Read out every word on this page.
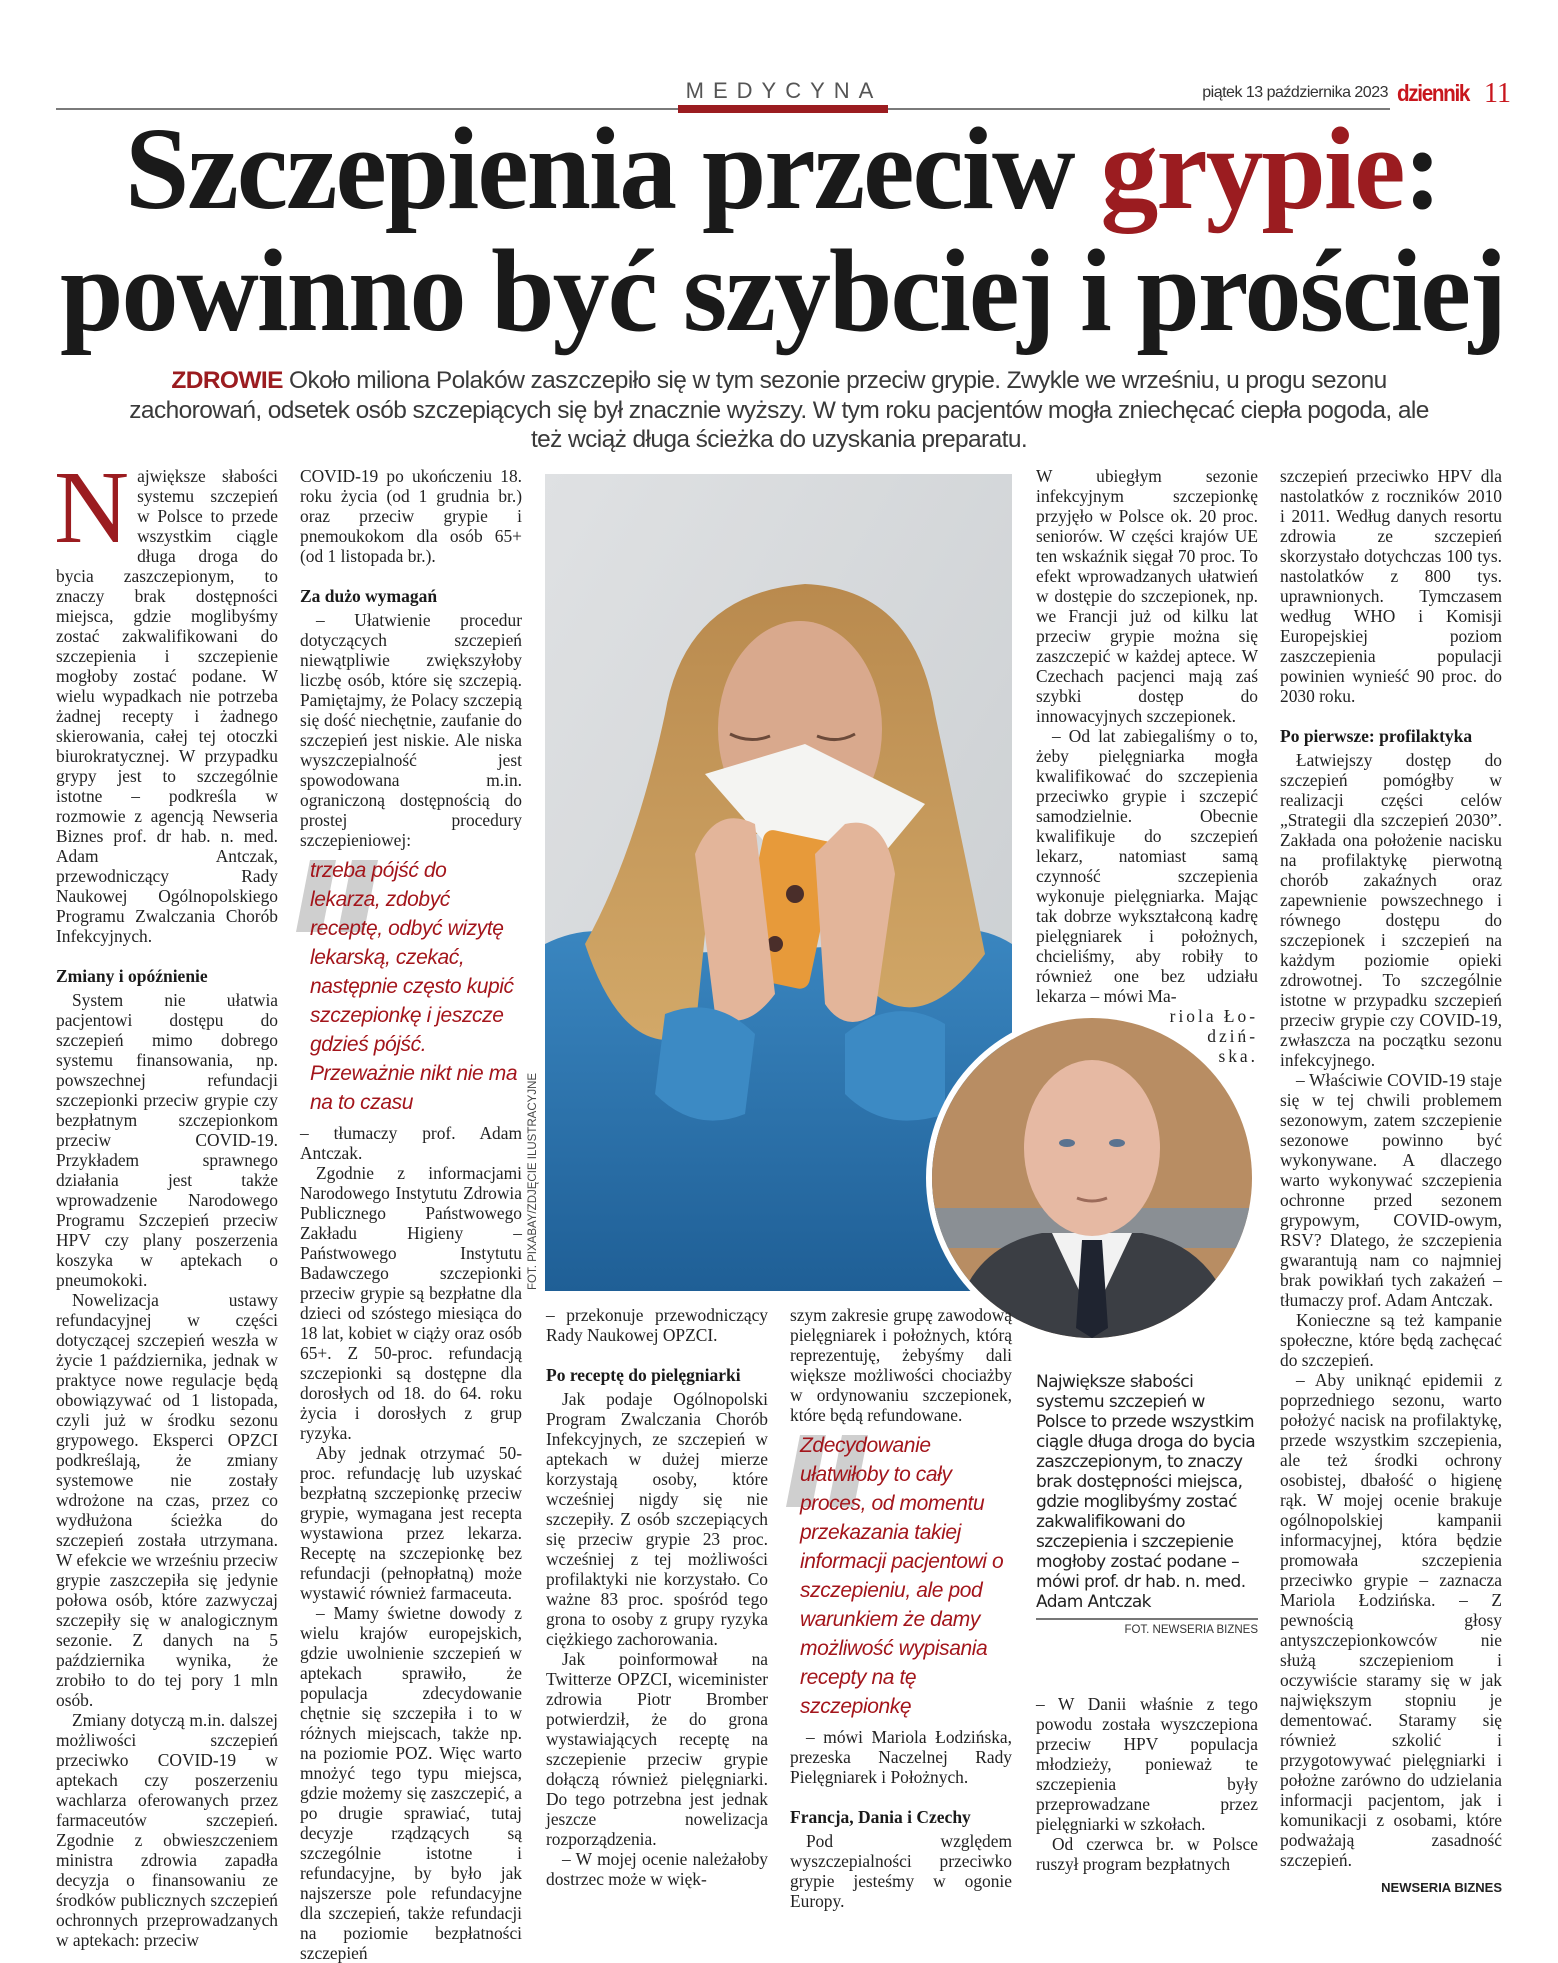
MEDYCYNA	piątek 13 października 2023 dziennik 11
Szczepienia przeciw grypie:
powinno być szybciej i prościej
ZDROWIE Około miliona Polaków zaszczepiło się w tym sezonie przeciw grypie. Zwykle we wrześniu, u progu sezonu
zachorowań, odsetek osób szczepiących się był znacznie wyższy. W tym roku pacjentów mogła zniechęcać ciepła pogoda, ale
też wciąż długa ścieżka do uzyskania preparatu.
FOT. PIXABAY/ZDJĘCIE ILUSTRACYJNE

Największe słabości systemu szczepień w Polsce to przede wszystkim ciągle długa droga do bycia zaszczepionym, to znaczy brak dostępności miejsca, gdzie moglibyśmy zostać zakwalifikowani do szczepienia i szczepienie mogłoby zostać podane. W wielu wypadkach nie potrzeba żadnej recepty i żadnego skierowania, całej tej otoczki biurokratycznej. W przypadku grypy jest to szczególnie istotne – podkreśla w rozmowie z agencją Newseria Biznes prof. dr hab. n. med. Adam Antczak, przewodniczący Rady Naukowej Ogólnopolskiego Programu Zwalczania Chorób Infekcyjnych.

Zmiany i opóźnienie

System nie ułatwia pacjentowi dostępu do szczepień mimo dobrego systemu finansowania, np. powszechnej refundacji szczepionki przeciw grypie czy bezpłatnym szczepionkom przeciw COVID-19. Przykładem sprawnego działania jest także wprowadzenie Narodowego Programu Szczepień przeciw HPV czy plany poszerzenia koszyka w aptekach o pneumokoki.

Nowelizacja ustawy refundacyjnej w części dotyczącej szczepień weszła w życie 1 października, jednak w praktyce nowe regulacje będą obowiązywać od 1 listopada, czyli już w środku sezonu grypowego. Eksperci OPZCI podkreślają, że zmiany systemowe nie zostały wdrożone na czas, przez co wydłużona ścieżka do szczepień została utrzymana. W efekcie we wrześniu przeciw grypie zaszczepiła się jedynie połowa osób, które zazwyczaj szczepiły się w analogicznym sezonie. Z danych na 5 października wynika, że zrobiło to do tej pory 1 mln osób.

Zmiany dotyczą m.in. dalszej możliwości szczepień przeciwko COVID-19 w aptekach czy poszerzeniu wachlarza oferowanych przez farmaceutów szczepień. Zgodnie z obwieszczeniem ministra zdrowia zapadła decyzja o finansowaniu ze środków publicznych szczepień ochronnych przeprowadzanych w aptekach: przeciw

COVID-19 po ukończeniu 18. roku życia (od 1 grudnia br.) oraz przeciw grypie i pnemoukokom dla osób 65+ (od 1 listopada br.).

Za dużo wymagań

– Ułatwienie procedur dotyczących szczepień niewątpliwie zwiększyłoby liczbę osób, które się szczepią. Pamiętajmy, że Polacy szczepią się dość niechętnie, zaufanie do szczepień jest niskie. Ale niska wyszczepialność jest spowodowana m.in. ograniczoną dostępnością do prostej procedury szczepieniowej:

trzeba pójść do lekarza, zdobyć receptę, odbyć wizytę lekarską, czekać, następnie często kupić szczepionkę i jeszcze gdzieś pójść. Przeważnie nikt nie ma na to czasu

– tłumaczy prof. Adam Antczak.

Zgodnie z informacjami Narodowego Instytutu Zdrowia Publicznego Państwowego Zakładu Higieny – Państwowego Instytutu Badawczego szczepionki przeciw grypie są bezpłatne dla dzieci od szóstego miesiąca do 18 lat, kobiet w ciąży oraz osób 65+. Z 50-proc. refundacją szczepionki są dostępne dla dorosłych od 18. do 64. roku życia i dorosłych z grup ryzyka.

Aby jednak otrzymać 50-proc. refundację lub uzyskać bezpłatną szczepionkę przeciw grypie, wymagana jest recepta wystawiona przez lekarza. Receptę na szczepionkę bez refundacji (pełnopłatną) może wystawić również farmaceuta.

– Mamy świetne dowody z wielu krajów europejskich, gdzie uwolnienie szczepień w aptekach sprawiło, że populacja zdecydowanie chętnie się szczepiła i to w różnych miejscach, także np. na poziomie POZ. Więc warto mnożyć tego typu miejsca, gdzie możemy się zaszczepić, a po drugie sprawiać, tutaj decyzje rządzących są szczególnie istotne i refundacyjne, by było jak najszersze pole refundacyjne dla szczepień, także refundacji na poziomie bezpłatności szczepień

– przekonuje przewodniczący Rady Naukowej OPZCI.

Po receptę do pielęgniarki

Jak podaje Ogólnopolski Program Zwalczania Chorób Infekcyjnych, ze szczepień w aptekach w dużej mierze korzystają osoby, które wcześniej nigdy się nie szczepiły. Z osób szczepiących się przeciw grypie 23 proc. wcześniej z tej możliwości profilaktyki nie korzystało. Co ważne 83 proc. spośród tego grona to osoby z grupy ryzyka ciężkiego zachorowania.

Jak poinformował na Twitterze OPZCI, wiceminister zdrowia Piotr Bromber potwierdził, że do grona wystawiających receptę na szczepienie przeciw grypie dołączą również pielęgniarki. Do tego potrzebna jest jednak jeszcze nowelizacja rozporządzenia.

– W mojej ocenie należałoby dostrzec może w więk-

szym zakresie grupę zawodową pielęgniarek i położnych, którą reprezentuję, żebyśmy dali większe możliwości chociażby w ordynowaniu szczepionek, które będą refundowane.

Zdecydowanie ułatwiłoby to cały proces, od momentu przekazania takiej informacji pacjentowi o szczepieniu, ale pod warunkiem że damy możliwość wypisania recepty na tę szczepionkę

– mówi Mariola Łodzińska, prezeska Naczelnej Rady Pielęgniarek i Położnych.

Francja, Dania i Czechy

Pod względem wyszczepialności przeciwko grypie jesteśmy w ogonie Europy.

W ubiegłym sezonie infekcyjnym szczepionkę przyjęło w Polsce ok. 20 proc. seniorów. W części krajów UE ten wskaźnik sięgał 70 proc. To efekt wprowadzanych ułatwień w dostępie do szczepionek, np. we Francji już od kilku lat przeciw grypie można się zaszczepić w każdej aptece. W Czechach pacjenci mają zaś szybki dostęp do innowacyjnych szczepionek.

– Od lat zabiegaliśmy o to, żeby pielęgniarka mogła kwalifikować do szczepienia przeciwko grypie i szczepić samodzielnie. Obecnie kwalifikuje do szczepień lekarz, natomiast samą czynność szczepienia wykonuje pielęgniarka. Mając tak dobrze wykształconą kadrę pielęgniarek i położnych, chcieliśmy, aby robiły to również one bez udziału lekarza – mówi Ma-

riola Ło-
dziń-
ska.
Największe słabości systemu szczepień w Polsce to przede wszystkim ciągle długa droga do bycia zaszczepionym, to znaczy brak dostępności miejsca, gdzie moglibyśmy zostać zakwalifikowani do szczepienia i szczepienie mogłoby zostać podane – mówi prof. dr hab. n. med. Adam Antczak
FOT. NEWSERIA BIZNES

– W Danii właśnie z tego powodu została wyszczepiona przeciw HPV populacja młodzieży, ponieważ te szczepienia były przeprowadzane przez pielęgniarki w szkołach.

Od czerwca br. w Polsce ruszył program bezpłatnych

szczepień przeciwko HPV dla nastolatków z roczników 2010 i 2011. Według danych resortu zdrowia ze szczepień skorzystało dotychczas 100 tys. nastolatków z 800 tys. uprawnionych. Tymczasem według WHO i Komisji Europejskiej poziom zaszczepienia populacji powinien wynieść 90 proc. do 2030 roku.

Po pierwsze: profilaktyka

Łatwiejszy dostęp do szczepień pomógłby w realizacji części celów „Strategii dla szczepień 2030”. Zakłada ona położenie nacisku na profilaktykę pierwotną chorób zakaźnych oraz zapewnienie powszechnego i równego dostępu do szczepionek i szczepień na każdym poziomie opieki zdrowotnej. To szczególnie istotne w przypadku szczepień przeciw grypie czy COVID-19, zwłaszcza na początku sezonu infekcyjnego.

– Właściwie COVID-19 staje się w tej chwili problemem sezonowym, zatem szczepienie sezonowe powinno być wykonywane. A dlaczego warto wykonywać szczepienia ochronne przed sezonem grypowym, COVID-owym, RSV? Dlatego, że szczepienia gwarantują nam co najmniej brak powikłań tych zakażeń – tłumaczy prof. Adam Antczak.

Konieczne są też kampanie społeczne, które będą zachęcać do szczepień.

– Aby uniknąć epidemii z poprzedniego sezonu, warto położyć nacisk na profilaktykę, przede wszystkim szczepienia, ale też środki ochrony osobistej, dbałość o higienę rąk. W mojej ocenie brakuje ogólnopolskiej kampanii informacyjnej, która będzie promowała szczepienia przeciwko grypie – zaznacza Mariola Łodzińska. – Z pewnością głosy antyszczepionkowców nie służą szczepieniom i oczywiście staramy się w jak największym stopniu je dementować. Staramy się również szkolić i przygotowywać pielęgniarki i położne zarówno do udzielania informacji pacjentom, jak i komunikacji z osobami, które podważają zasadność szczepień.

NEWSERIA BIZNES
